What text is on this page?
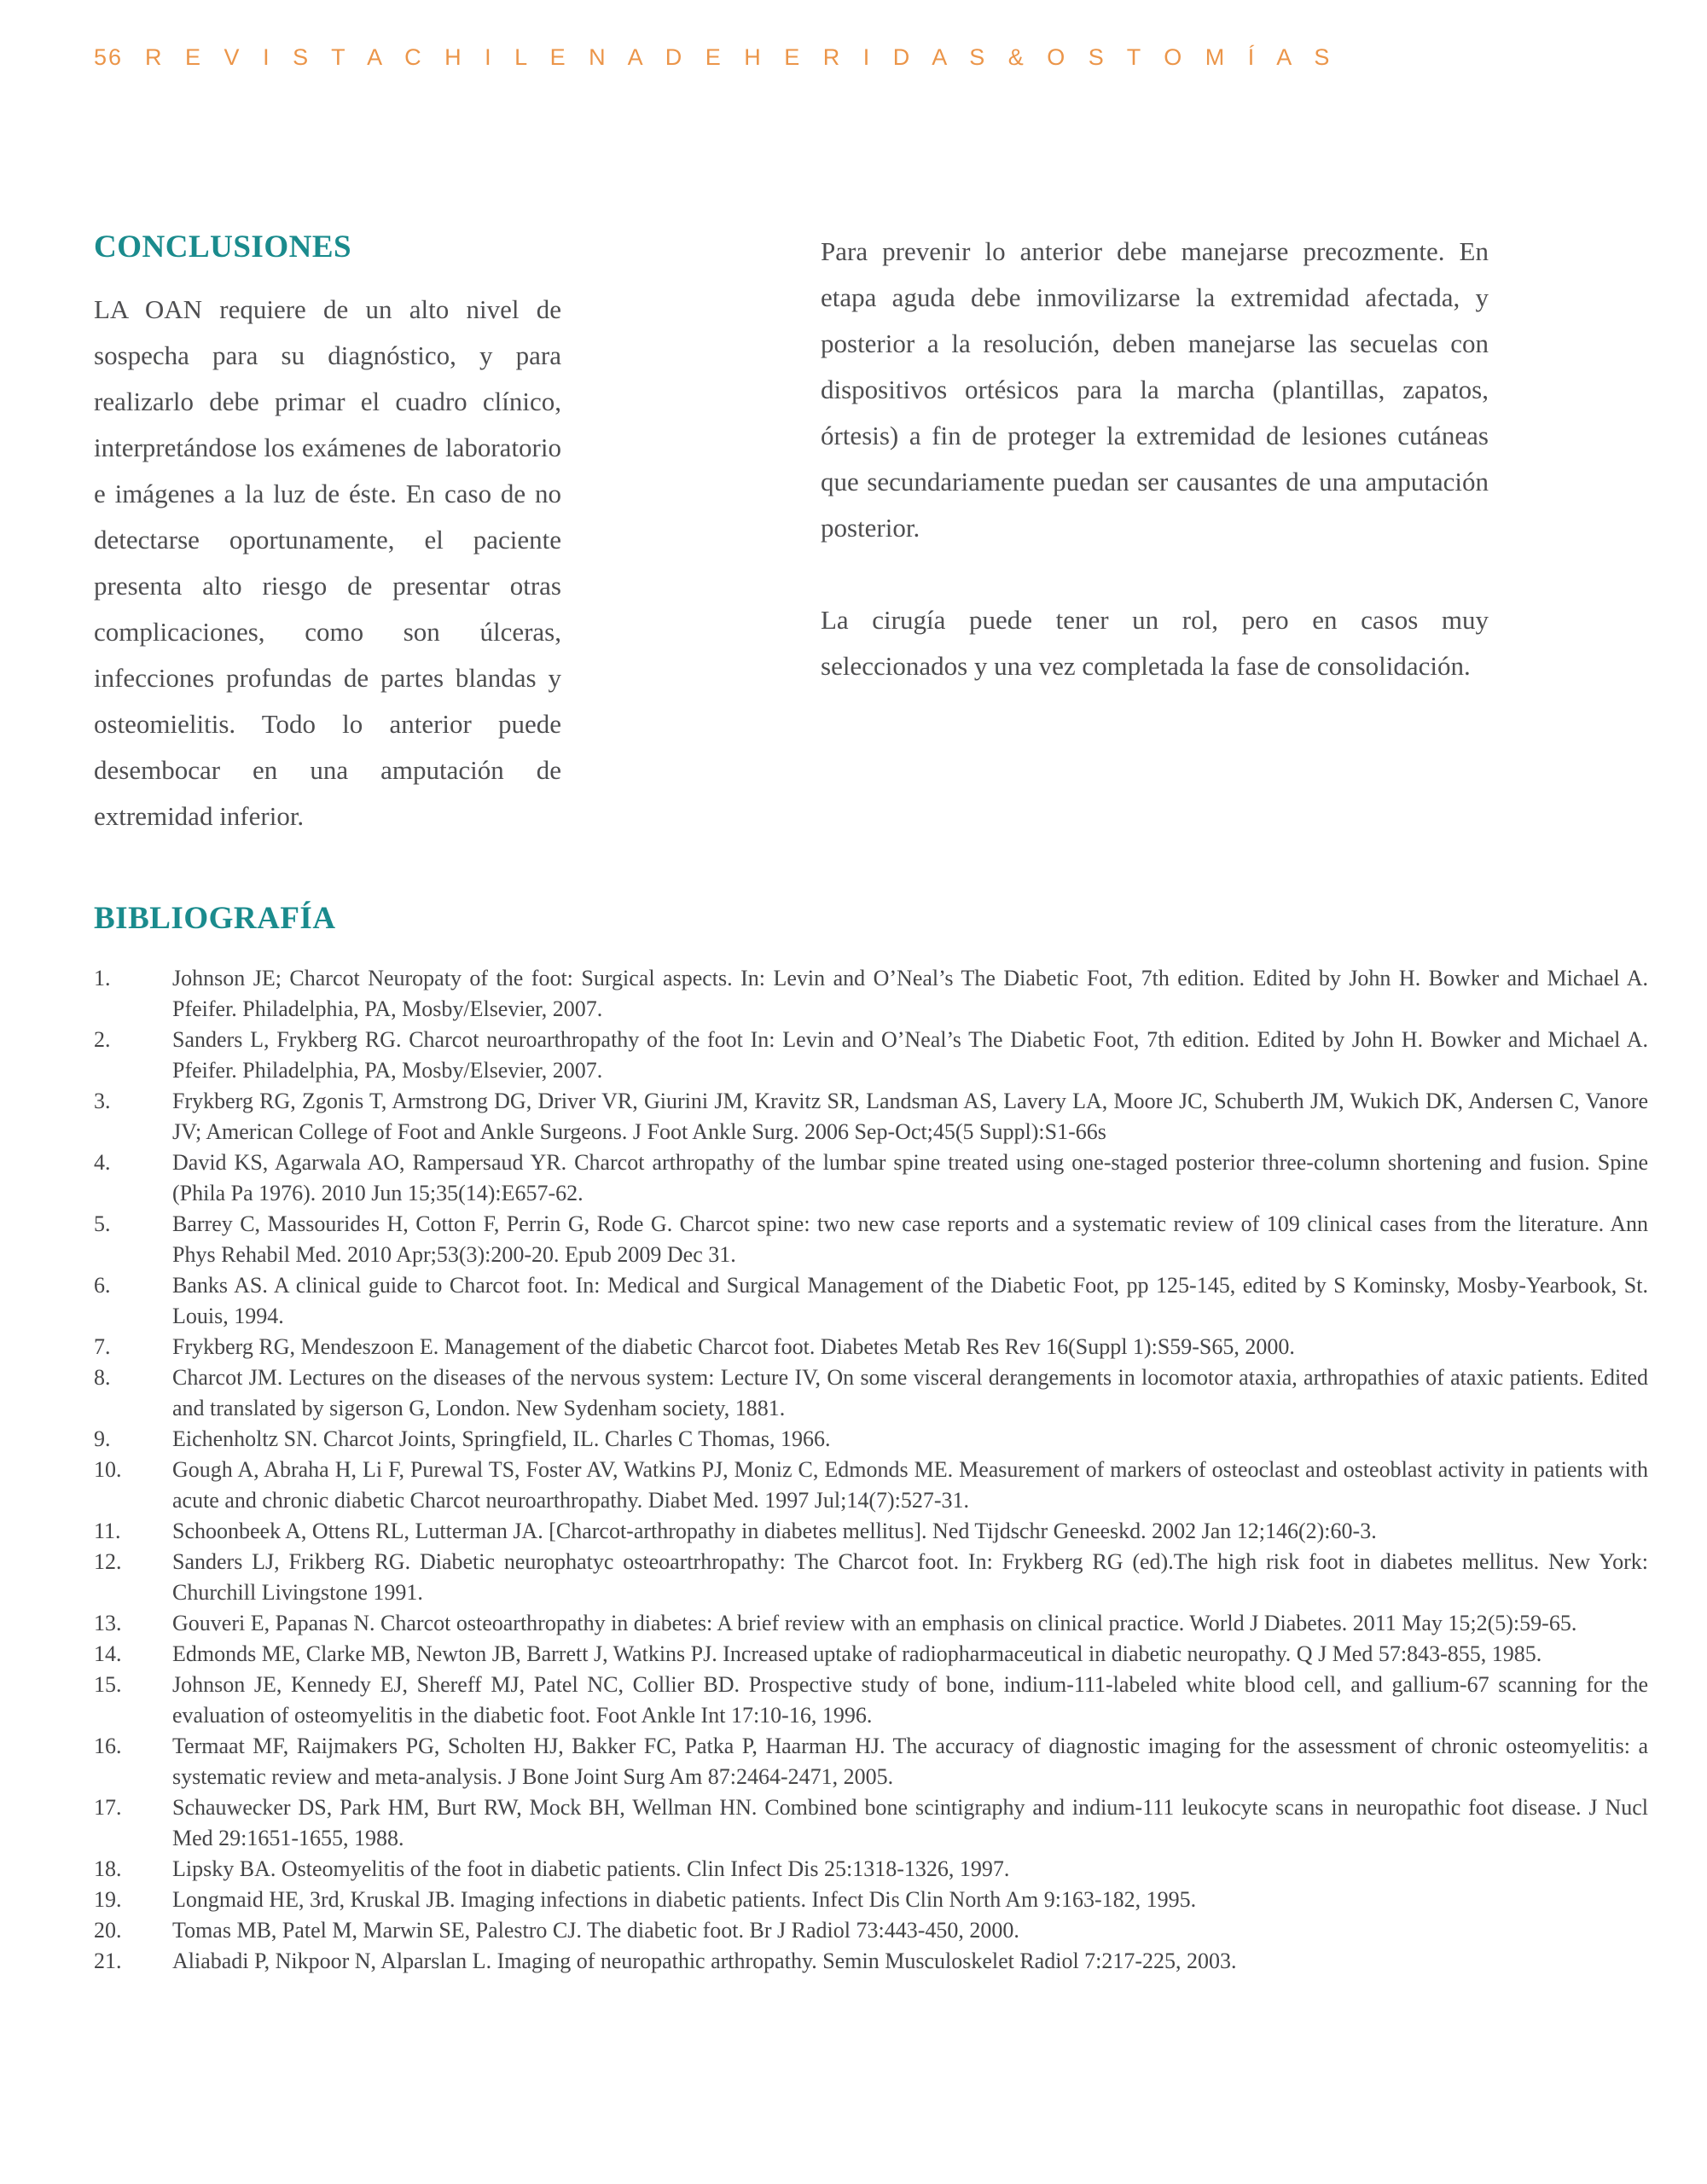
56 R E V I S T A C H I L E N A D E H E R I D A S & O S T O M Í A S
CONCLUSIONES

LA OAN requiere de un alto nivel de sospecha para su diagnóstico, y para realizarlo debe primar el cuadro clínico, interpretándose los exámenes de laboratorio e imágenes a la luz de éste. En caso de no detectarse oportunamente, el paciente presenta alto riesgo de presentar otras complicaciones, como son úlceras, infecciones profundas de partes blandas y osteomielitis. Todo lo anterior puede desembocar en una amputación de extremidad inferior.

Para prevenir lo anterior debe manejarse precozmente. En etapa aguda debe inmovilizarse la extremidad afectada, y posterior a la resolución, deben manejarse las secuelas con dispositivos ortésicos para la marcha (plantillas, zapatos, órtesis) a fin de proteger la extremidad de lesiones cutáneas que secundariamente puedan ser causantes de una amputación posterior.

La cirugía puede tener un rol, pero en casos muy seleccionados y una vez completada la fase de consolidación.

BIBLIOGRAFÍA
1.	Johnson JE; Charcot Neuropaty of the foot: Surgical aspects. In: Levin and O’Neal’s The Diabetic Foot, 7th edition. Edited by John H. Bowker and Michael A. Pfeifer. Philadelphia, PA, Mosby/Elsevier, 2007.
2.	Sanders L, Frykberg RG. Charcot neuroarthropathy of the foot In: Levin and O’Neal’s The Diabetic Foot, 7th edition. Edited by John H. Bowker and Michael A. Pfeifer. Philadelphia, PA, Mosby/Elsevier, 2007.
3.	Frykberg RG, Zgonis T, Armstrong DG, Driver VR, Giurini JM, Kravitz SR, Landsman AS, Lavery LA, Moore JC, Schuberth JM, Wukich DK, Andersen C, Vanore JV; American College of Foot and Ankle Surgeons. J Foot Ankle Surg. 2006 Sep-Oct;45(5 Suppl):S1-66s
4.	David KS, Agarwala AO, Rampersaud YR. Charcot arthropathy of the lumbar spine treated using one-staged posterior three-column shortening and fusion. Spine (Phila Pa 1976). 2010 Jun 15;35(14):E657-62.
5.	Barrey C, Massourides H, Cotton F, Perrin G, Rode G. Charcot spine: two new case reports and a systematic review of 109 clinical cases from the literature. Ann Phys Rehabil Med. 2010 Apr;53(3):200-20. Epub 2009 Dec 31.
6.	Banks AS. A clinical guide to Charcot foot. In: Medical and Surgical Management of the Diabetic Foot, pp 125-145, edited by S Kominsky, Mosby-Yearbook, St. Louis, 1994.
7.	Frykberg RG, Mendeszoon E. Management of the diabetic Charcot foot. Diabetes Metab Res Rev 16(Suppl 1):S59-S65, 2000.
8.	Charcot JM. Lectures on the diseases of the nervous system: Lecture IV, On some visceral derangements in locomotor ataxia, arthropathies of ataxic patients. Edited and translated by sigerson G, London. New Sydenham society, 1881.
9.	Eichenholtz SN. Charcot Joints, Springfield, IL. Charles C Thomas, 1966.
10.	Gough A, Abraha H, Li F, Purewal TS, Foster AV, Watkins PJ, Moniz C, Edmonds ME. Measurement of markers of osteoclast and osteoblast activity in patients with acute and chronic diabetic Charcot neuroarthropathy. Diabet Med. 1997 Jul;14(7):527-31.
11.	Schoonbeek A, Ottens RL, Lutterman JA. [Charcot-arthropathy in diabetes mellitus]. Ned Tijdschr Geneeskd. 2002 Jan 12;146(2):60-3.
12.	Sanders LJ, Frikberg RG. Diabetic neurophatyc osteoartrhropathy: The Charcot foot. In: Frykberg RG (ed).The high risk foot in diabetes mellitus. New York: Churchill Livingstone 1991.
13.	Gouveri E, Papanas N. Charcot osteoarthropathy in diabetes: A brief review with an emphasis on clinical practice. World J Diabetes. 2011 May 15;2(5):59-65.
14.	Edmonds ME, Clarke MB, Newton JB, Barrett J, Watkins PJ. Increased uptake of radiopharmaceutical in diabetic neuropathy. Q J Med 57:843-855, 1985.
15.	Johnson JE, Kennedy EJ, Shereff MJ, Patel NC, Collier BD. Prospective study of bone, indium-111-labeled white blood cell, and gallium-67 scanning for the evaluation of osteomyelitis in the diabetic foot. Foot Ankle Int 17:10-16, 1996.
16.	Termaat MF, Raijmakers PG, Scholten HJ, Bakker FC, Patka P, Haarman HJ. The accuracy of diagnostic imaging for the assessment of chronic osteomyelitis: a systematic review and meta-analysis. J Bone Joint Surg Am 87:2464-2471, 2005.
17.	Schauwecker DS, Park HM, Burt RW, Mock BH, Wellman HN. Combined bone scintigraphy and indium-111 leukocyte scans in neuropathic foot disease. J Nucl Med 29:1651-1655, 1988.
18.	Lipsky BA. Osteomyelitis of the foot in diabetic patients. Clin Infect Dis 25:1318-1326, 1997.
19.	Longmaid HE, 3rd, Kruskal JB. Imaging infections in diabetic patients. Infect Dis Clin North Am 9:163-182, 1995.
20.	Tomas MB, Patel M, Marwin SE, Palestro CJ. The diabetic foot. Br J Radiol 73:443-450, 2000.
21.	Aliabadi P, Nikpoor N, Alparslan L. Imaging of neuropathic arthropathy. Semin Musculoskelet Radiol 7:217-225, 2003.
